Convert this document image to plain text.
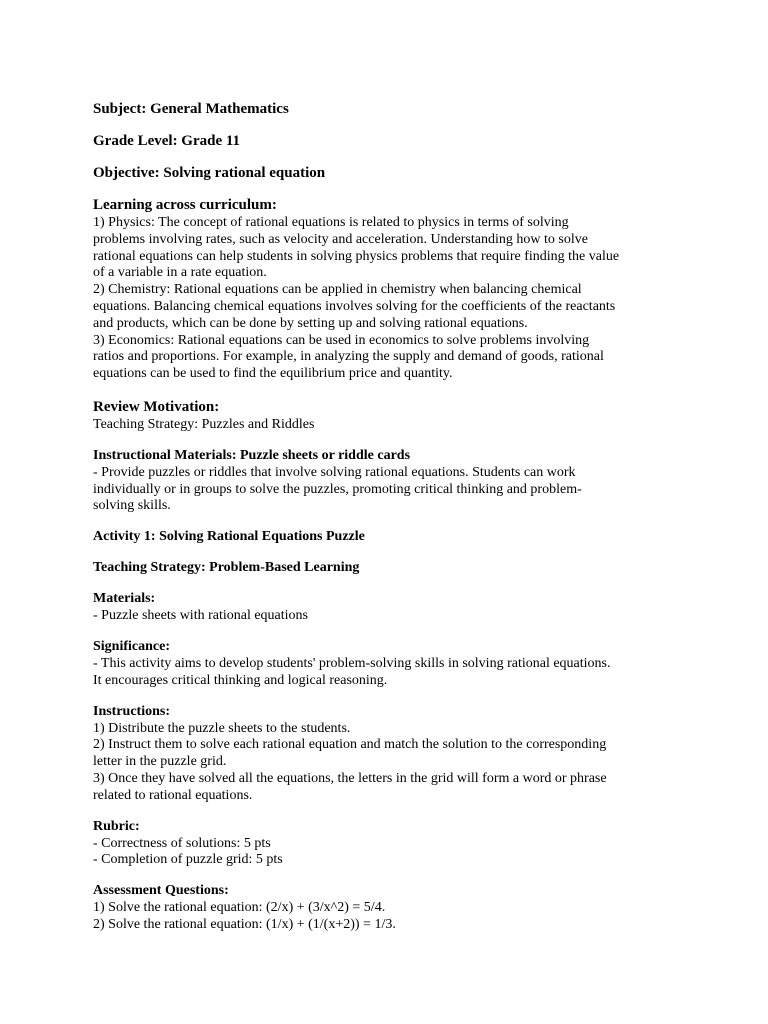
Subject: General Mathematics

Grade Level: Grade 11

Objective: Solving rational equation

Learning across curriculum:

1) Physics: The concept of rational equations is related to physics in terms of solving

problems involving rates, such as velocity and acceleration. Understanding how to solve

rational equations can help students in solving physics problems that require finding the value

of a variable in a rate equation.

2) Chemistry: Rational equations can be applied in chemistry when balancing chemical

equations. Balancing chemical equations involves solving for the coefficients of the reactants

and products, which can be done by setting up and solving rational equations.

3) Economics: Rational equations can be used in economics to solve problems involving

ratios and proportions. For example, in analyzing the supply and demand of goods, rational

equations can be used to find the equilibrium price and quantity.

Review Motivation:

Teaching Strategy: Puzzles and Riddles

Instructional Materials: Puzzle sheets or riddle cards

- Provide puzzles or riddles that involve solving rational equations. Students can work

individually or in groups to solve the puzzles, promoting critical thinking and problem-

solving skills.

Activity 1: Solving Rational Equations Puzzle

Teaching Strategy: Problem-Based Learning

Materials:

- Puzzle sheets with rational equations

Significance:

- This activity aims to develop students' problem-solving skills in solving rational equations.

It encourages critical thinking and logical reasoning.

Instructions:

1) Distribute the puzzle sheets to the students.

2) Instruct them to solve each rational equation and match the solution to the corresponding

letter in the puzzle grid.

3) Once they have solved all the equations, the letters in the grid will form a word or phrase

related to rational equations.

Rubric:

- Correctness of solutions: 5 pts

- Completion of puzzle grid: 5 pts

Assessment Questions:

1) Solve the rational equation: (2/x) + (3/x^2) = 5/4.

2) Solve the rational equation: (1/x) + (1/(x+2)) = 1/3.
